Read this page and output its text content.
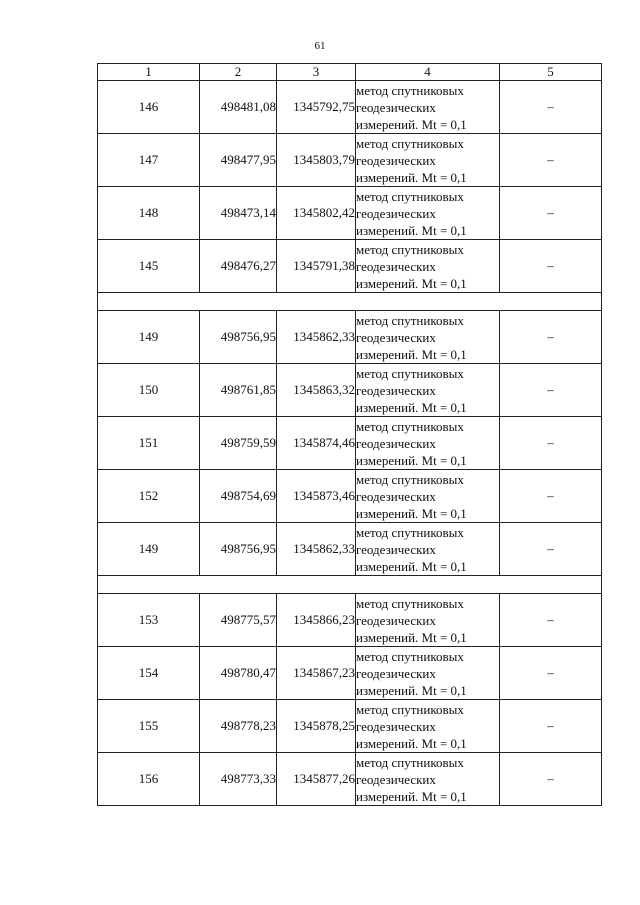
61
1	2	3	4	5
146	498481,08	1345792,75	метод спутниковых
геодезических
измерений. Mt = 0,1	–
147	498477,95	1345803,79	метод спутниковых
геодезических
измерений. Mt = 0,1	–
148	498473,14	1345802,42	метод спутниковых
геодезических
измерений. Mt = 0,1	–
145	498476,27	1345791,38	метод спутниковых
геодезических
измерений. Mt = 0,1	–

149	498756,95	1345862,33	метод спутниковых
геодезических
измерений. Mt = 0,1	–
150	498761,85	1345863,32	метод спутниковых
геодезических
измерений. Mt = 0,1	–
151	498759,59	1345874,46	метод спутниковых
геодезических
измерений. Mt = 0,1	–
152	498754,69	1345873,46	метод спутниковых
геодезических
измерений. Mt = 0,1	–
149	498756,95	1345862,33	метод спутниковых
геодезических
измерений. Mt = 0,1	–

153	498775,57	1345866,23	метод спутниковых
геодезических
измерений. Mt = 0,1	–
154	498780,47	1345867,23	метод спутниковых
геодезических
измерений. Mt = 0,1	–
155	498778,23	1345878,25	метод спутниковых
геодезических
измерений. Mt = 0,1	–
156	498773,33	1345877,26	метод спутниковых
геодезических
измерений. Mt = 0,1	–
